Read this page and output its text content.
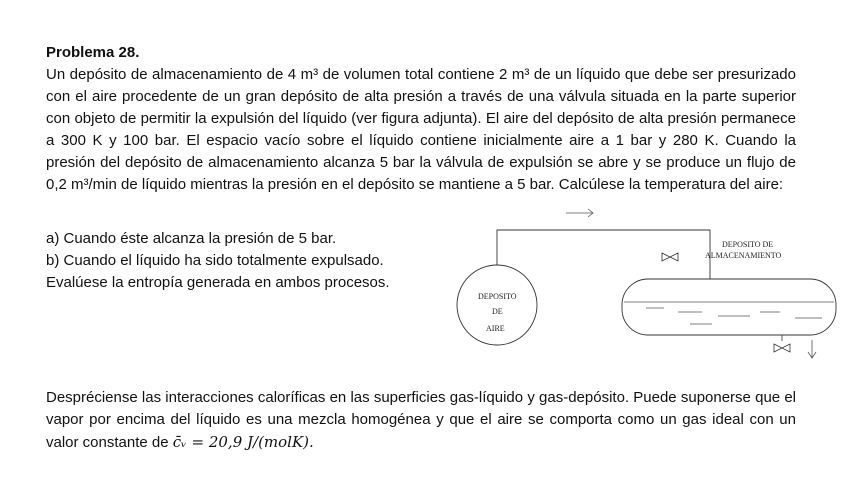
Problema 28.
Un depósito de almacenamiento de 4 m³ de volumen total contiene 2 m³ de un líquido que debe ser presurizado con el aire procedente de un gran depósito de alta presión a través de una válvula situada en la parte superior con objeto de permitir la expulsión del líquido (ver figura adjunta). El aire del depósito de alta presión permanece a 300 K y 100 bar. El espacio vacío sobre el líquido contiene inicialmente aire a 1 bar y 280 K. Cuando la presión del depósito de almacenamiento alcanza 5 bar la válvula de expulsión se abre y se produce un flujo de 0,2 m³/min de líquido mientras la presión en el depósito se mantiene a 5 bar. Calcúlese la temperatura del aire:
a) Cuando éste alcanza la presión de 5 bar.
b) Cuando el líquido ha sido totalmente expulsado.
Evalúese la entropía generada en ambos procesos.
DEPOSITO
DE
AIRE
DEPOSITO DE
ALMACENAMIENTO
Despréciense las interacciones caloríficas en las superficies gas-líquido y gas-depósito. Puede suponerse que el vapor por encima del líquido es una mezcla homogénea y que el aire se comporta como un gas ideal con un valor constante de c̄ᵥ = 20,9 J/(molK).
